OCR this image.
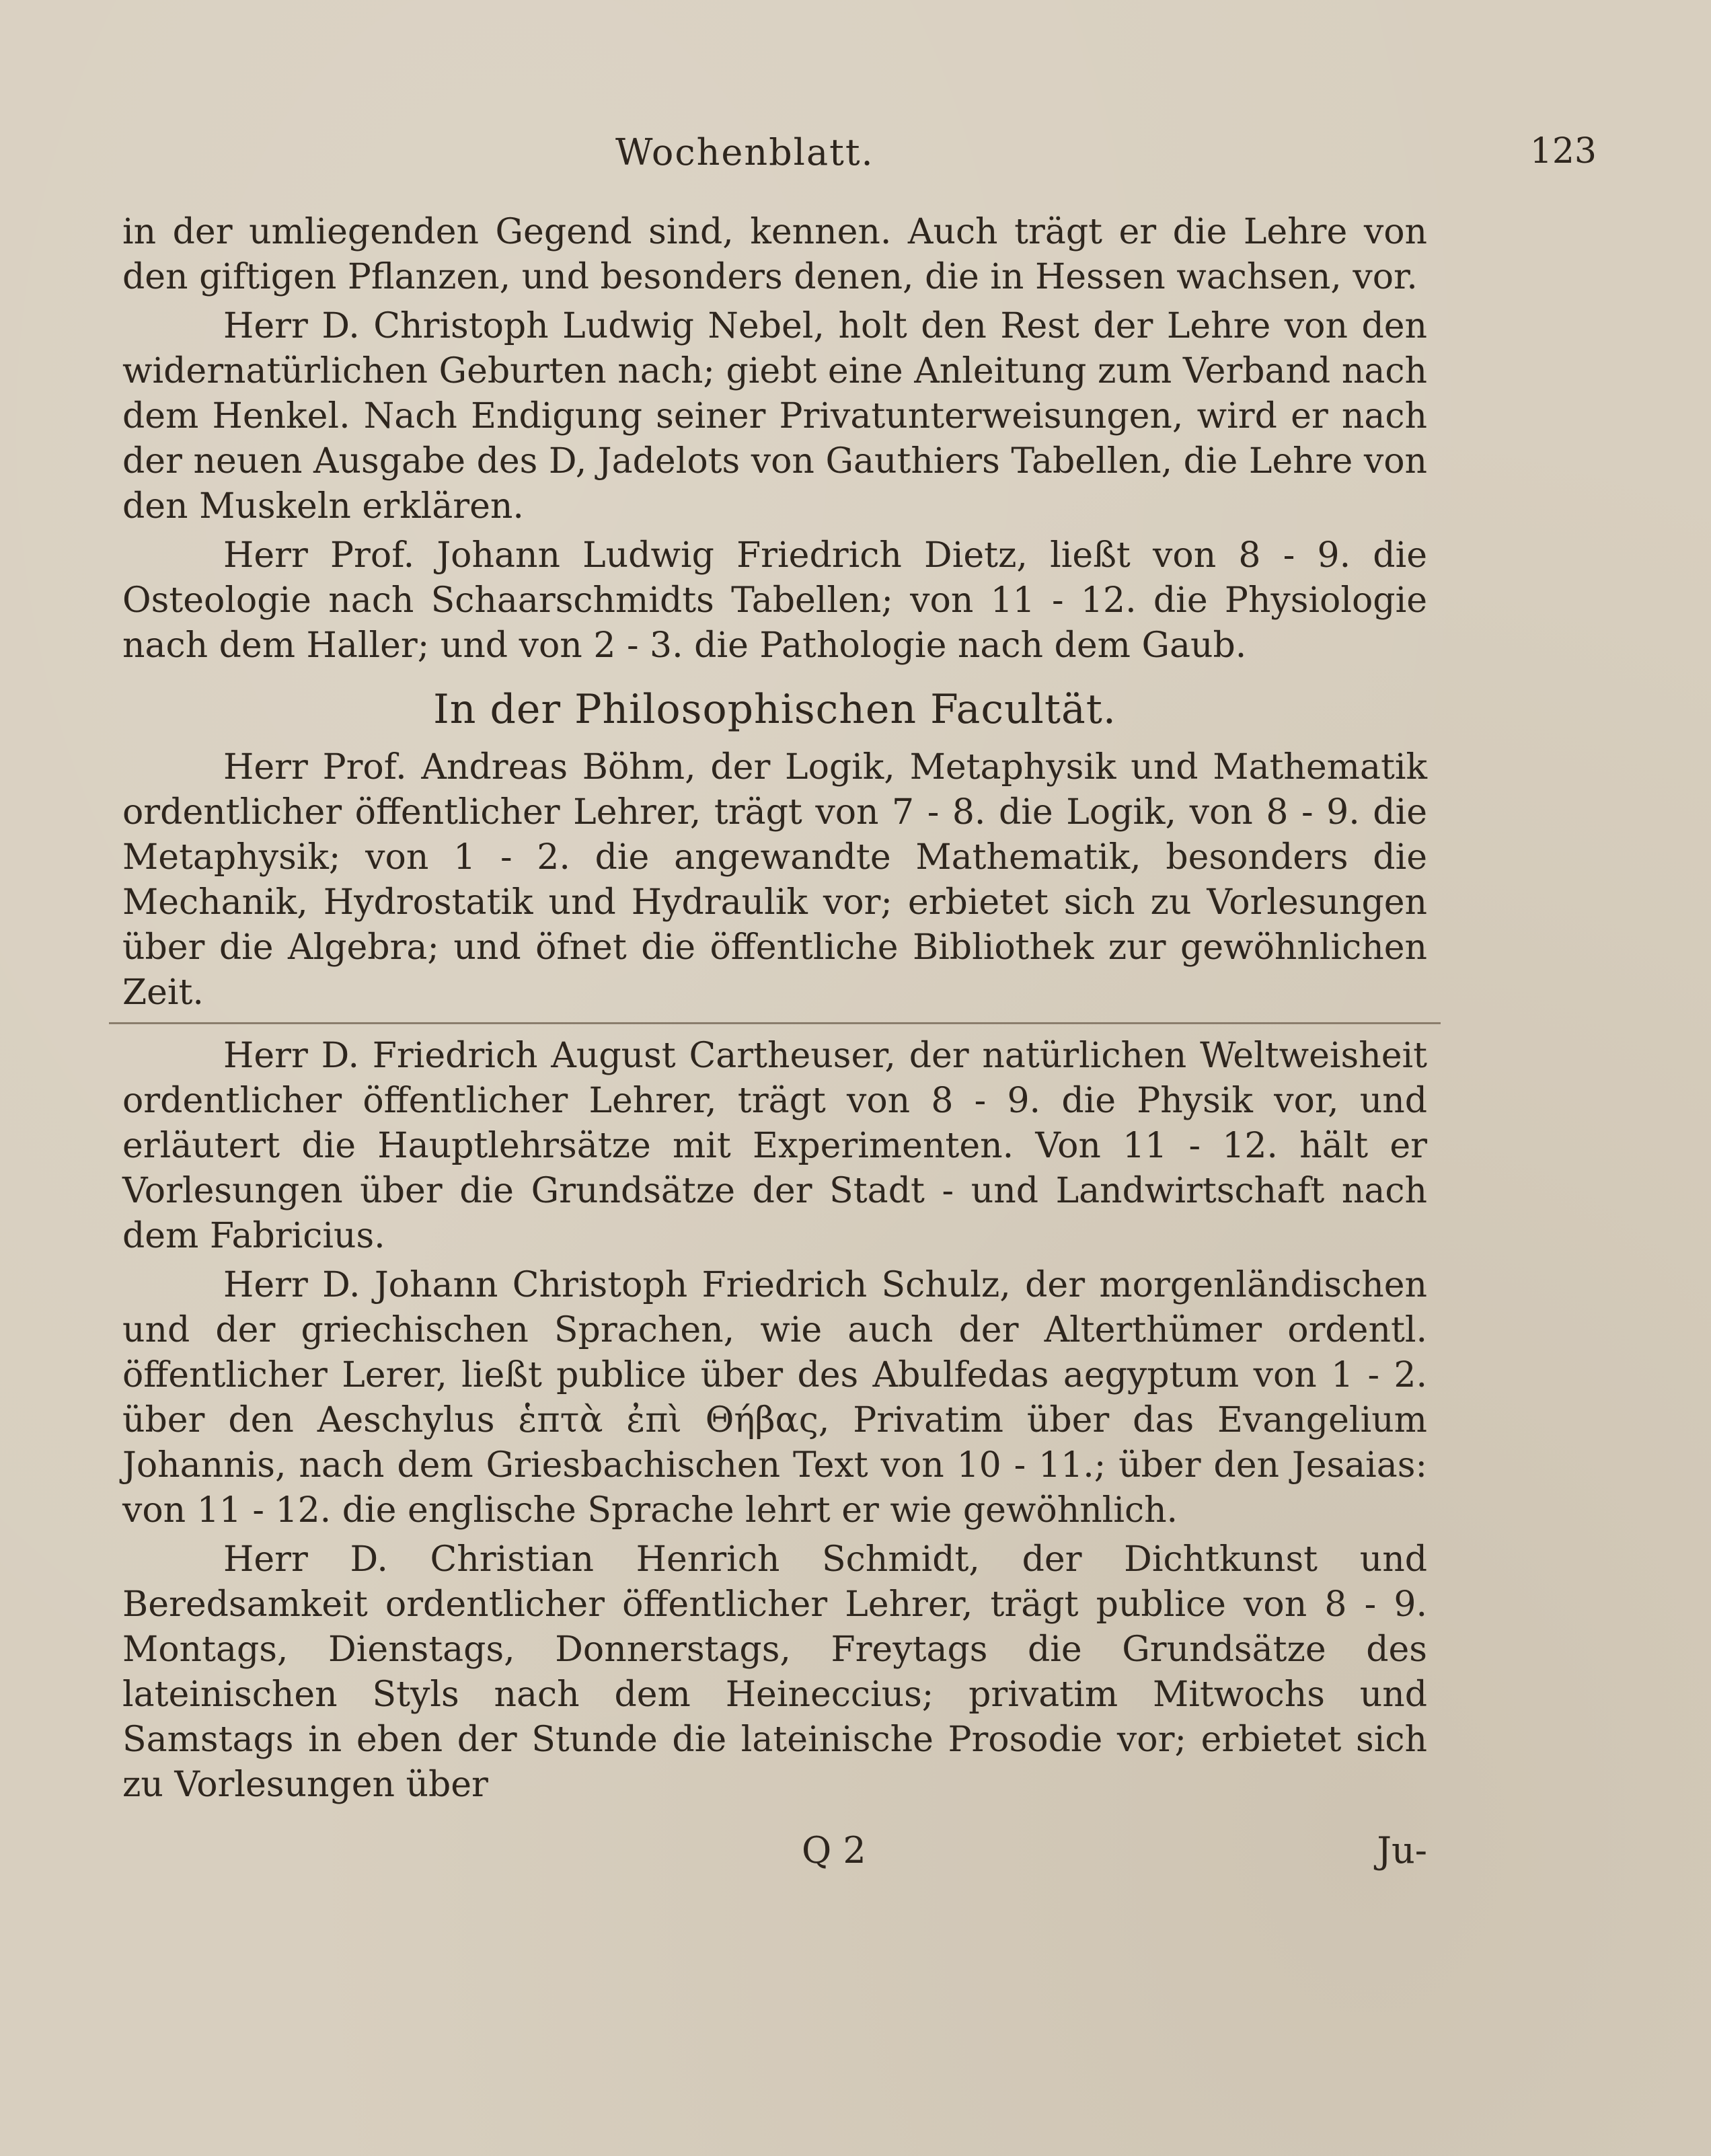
Wochenblatt.	123

in der umliegenden Gegend sind, kennen. Auch trägt er die Lehre von den giftigen Pflanzen, und besonders denen, die in Hessen wachsen, vor.

Herr D. Christoph Ludwig Nebel, holt den Rest der Lehre von den widernatürlichen Geburten nach; giebt eine Anleitung zum Verband nach dem Henkel. Nach Endigung seiner Privatunterweisungen, wird er nach der neuen Ausgabe des D, Jadelots von Gauthiers Tabellen, die Lehre von den Muskeln erklären.

Herr Prof. Johann Ludwig Friedrich Dietz, ließt von 8 - 9. die Osteologie nach Schaarschmidts Tabellen; von 11 - 12. die Physiologie nach dem Haller; und von 2 - 3. die Pathologie nach dem Gaub.

In der Philosophischen Facultät.

Herr Prof. Andreas Böhm, der Logik, Metaphysik und Mathematik ordentlicher öffentlicher Lehrer, trägt von 7 - 8. die Logik, von 8 - 9. die Metaphysik; von 1 - 2. die angewandte Mathematik, besonders die Mechanik, Hydrostatik und Hydraulik vor; erbietet sich zu Vorlesungen über die Algebra; und öfnet die öffentliche Bibliothek zur gewöhnlichen Zeit.

Herr D. Friedrich August Cartheuser, der natürlichen Weltweisheit ordentlicher öffentlicher Lehrer, trägt von 8 - 9. die Physik vor, und erläutert die Hauptlehrsätze mit Experimenten. Von 11 - 12. hält er Vorlesungen über die Grundsätze der Stadt - und Landwirtschaft nach dem Fabricius.

Herr D. Johann Christoph Friedrich Schulz, der morgenländischen und der griechischen Sprachen, wie auch der Alterthümer ordentl. öffentlicher Lerer, ließt publice über des Abulfedas aegyptum von 1 - 2. über den Aeschylus ἑπτὰ ἐπὶ Θήβας, Privatim über das Evangelium Johannis, nach dem Griesbachischen Text von 10 - 11.; über den Jesaias: von 11 - 12. die englische Sprache lehrt er wie gewöhnlich.

Herr D. Christian Henrich Schmidt, der Dichtkunst und Beredsamkeit ordentlicher öffentlicher Lehrer, trägt publice von 8 - 9. Montags, Dienstags, Donnerstags, Freytags die Grundsätze des lateinischen Styls nach dem Heineccius; privatim Mitwochs und Samstags in eben der Stunde die lateinische Prosodie vor; erbietet sich zu Vorlesungen über

Q 2	Ju-
